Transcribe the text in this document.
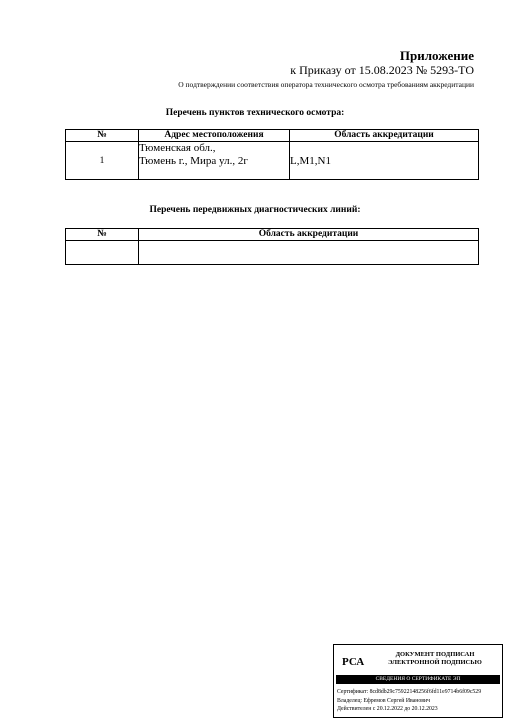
Приложение
к Приказу от 15.08.2023 № 5293-ТО
О подтверждении соответствия оператора технического осмотра требованиям аккредитации
Перечень пунктов технического осмотра:
№	Адрес местоположения	Область аккредитации
1	Тюменская обл.,
Тюмень г., Мира ул., 2г	L,M1,N1
Перечень передвижных диагностических линий:
№	Область аккредитации

РСА
ДОКУМЕНТ ПОДПИСАН
ЭЛЕКТРОННОЙ ПОДПИСЬЮ
СВЕДЕНИЯ О СЕРТИФИКАТЕ ЭП
Сертификат: 8cd8db29c75922148256f6fd11e9714b6f09c529
Владелец: Ефремов Сергей Иванович
Действителен с 20.12.2022 до 20.12.2023
